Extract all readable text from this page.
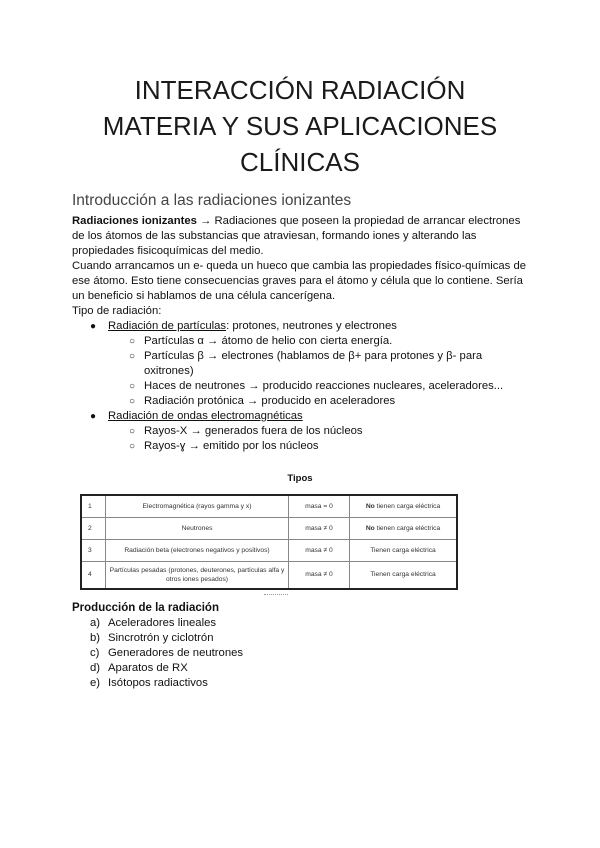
INTERACCIÓN RADIACIÓN
MATERIA Y SUS APLICACIONES
CLÍNICAS
Introducción a las radiaciones ionizantes

Radiaciones ionizantes → Radiaciones que poseen la propiedad de arrancar electrones de los átomos de las substancias que atraviesan, formando iones y alterando las propiedades fisicoquímicas del medio.

Cuando arrancamos un e- queda un hueco que cambia las propiedades físico-químicas de ese átomo. Esto tiene consecuencias graves para el átomo y célula que lo contiene. Sería un beneficio si hablamos de una célula cancerígena.

Tipo de radiación:

● Radiación de partículas: protones, neutrones y electrones
○ Partículas α → átomo de helio con cierta energía.
○ Partículas β → electrones (hablamos de β+ para protones y β- para oxitrones)
○ Haces de neutrones → producido reacciones nucleares, aceleradores...
○ Radiación protónica → producido en aceleradores
● Radiación de ondas electromagnéticas
○ Rayos-X → generados fuera de los núcleos
○ Rayos-ɣ → emitido por los núcleos
Tipos
1	Electromagnética (rayos gamma y x)	masa = 0	No tienen carga eléctrica
2	Neutrones	masa ≠ 0	No tienen carga eléctrica
3	Radiación beta (electrones negativos y positivos)	masa ≠ 0	Tienen carga eléctrica
4	Partículas pesadas (protones, deuterones, partículas alfa y otros iones pesados)	masa ≠ 0	Tienen carga eléctrica
Producción de la radiación
a) Aceleradores lineales
b) Sincrotrón y ciclotrón
c) Generadores de neutrones
d) Aparatos de RX
e) Isótopos radiactivos
